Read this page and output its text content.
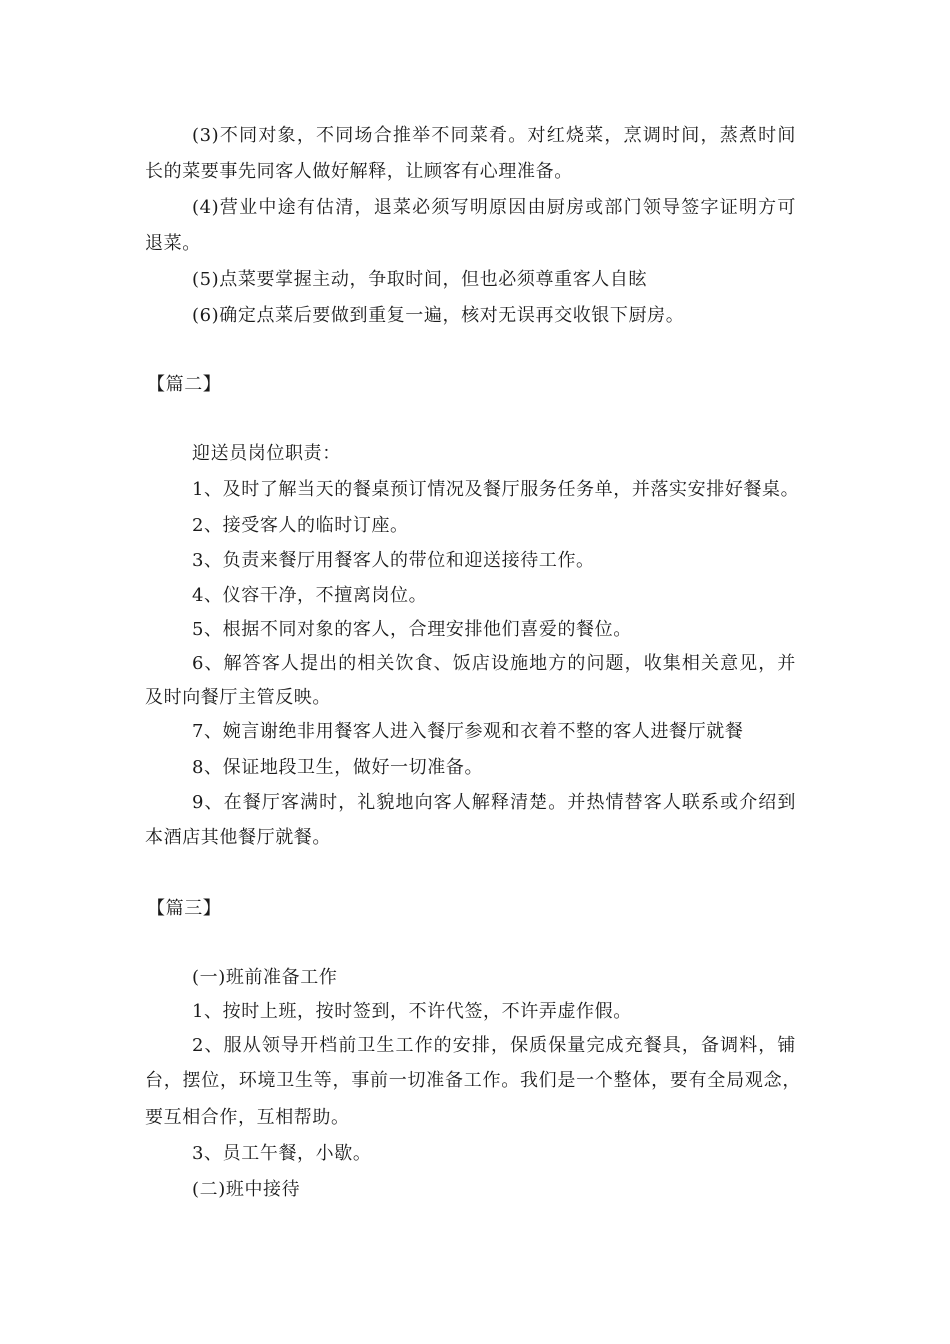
(3)不同对象，不同场合推举不同菜肴。对红烧菜，烹调时间，蒸煮时间
长的菜要事先同客人做好解释，让顾客有心理准备。
(4)营业中途有估清，退菜必须写明原因由厨房或部门领导签字证明方可
退菜。
(5)点菜要掌握主动，争取时间，但也必须尊重客人自眩
(6)确定点菜后要做到重复一遍，核对无误再交收银下厨房。
【篇二】
迎送员岗位职责：
1、及时了解当天的餐桌预订情况及餐厅服务任务单，并落实安排好餐桌。
2、接受客人的临时订座。
3、负责来餐厅用餐客人的带位和迎送接待工作。
4、仪容干净，不擅离岗位。
5、根据不同对象的客人，合理安排他们喜爱的餐位。
6、解答客人提出的相关饮食、饭店设施地方的问题，收集相关意见，并
及时向餐厅主管反映。
7、婉言谢绝非用餐客人进入餐厅参观和衣着不整的客人进餐厅就餐
8、保证地段卫生，做好一切准备。
9、在餐厅客满时，礼貌地向客人解释清楚。并热情替客人联系或介绍到
本酒店其他餐厅就餐。
【篇三】
(一)班前准备工作
1、按时上班，按时签到，不许代签，不许弄虚作假。
2、服从领导开档前卫生工作的安排，保质保量完成充餐具，备调料，铺
台，摆位，环境卫生等，事前一切准备工作。我们是一个整体，要有全局观念，
要互相合作，互相帮助。
3、员工午餐，小歇。
(二)班中接待
